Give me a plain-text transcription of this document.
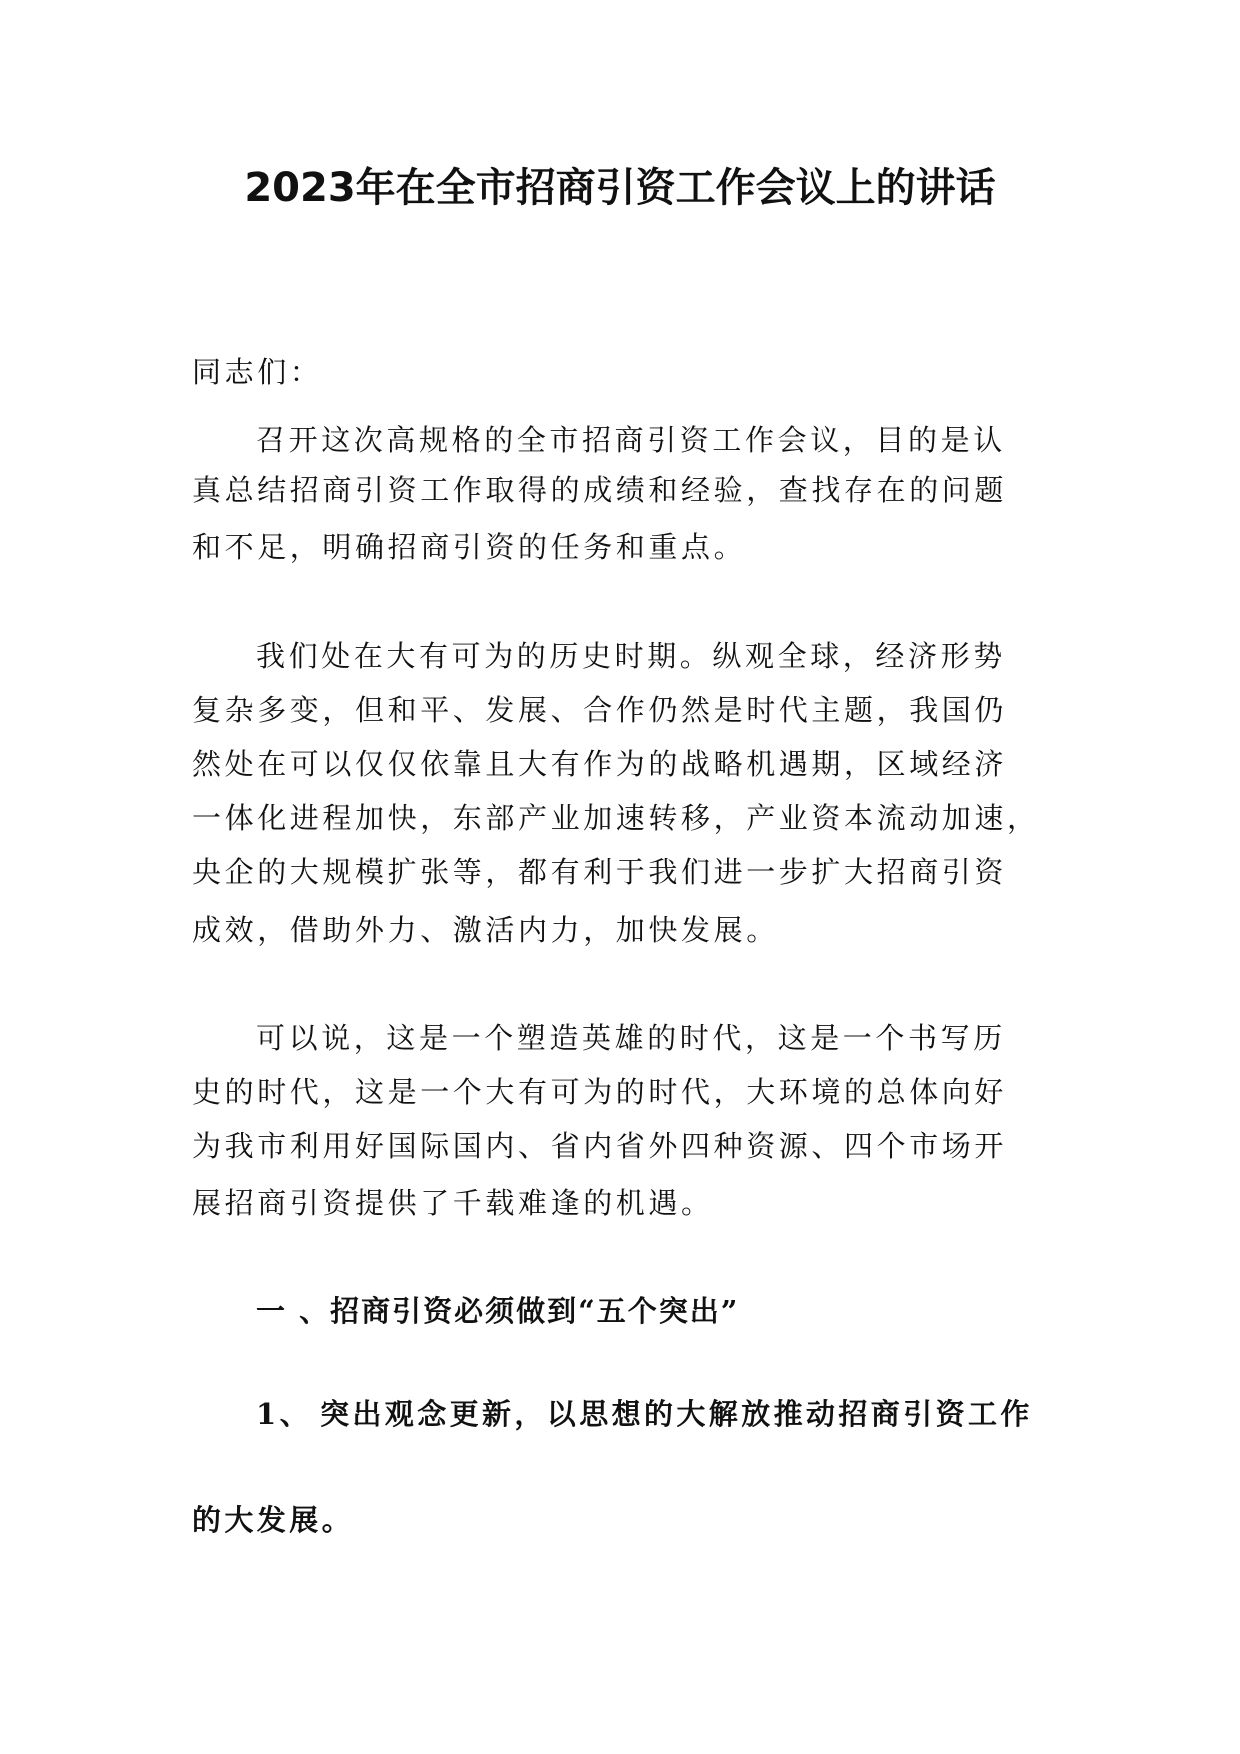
2023年在全市招商引资工作会议上的讲话
同志们：
召开这次高规格的全市招商引资工作会议，目的是认
真总结招商引资工作取得的成绩和经验，查找存在的问题
和不足，明确招商引资的任务和重点。
我们处在大有可为的历史时期。纵观全球，经济形势
复杂多变，但和平、发展、合作仍然是时代主题，我国仍
然处在可以仅仅依靠且大有作为的战略机遇期，区域经济
一体化进程加快，东部产业加速转移，产业资本流动加速，
央企的大规模扩张等，都有利于我们进一步扩大招商引资
成效，借助外力、激活内力，加快发展。
可以说，这是一个塑造英雄的时代，这是一个书写历
史的时代，这是一个大有可为的时代，大环境的总体向好
为我市利用好国际国内、省内省外四种资源、四个市场开
展招商引资提供了千载难逢的机遇。
一 、招商引资必须做到“五个突出”
1、 突出观念更新，以思想的大解放推动招商引资工作
的大发展。
